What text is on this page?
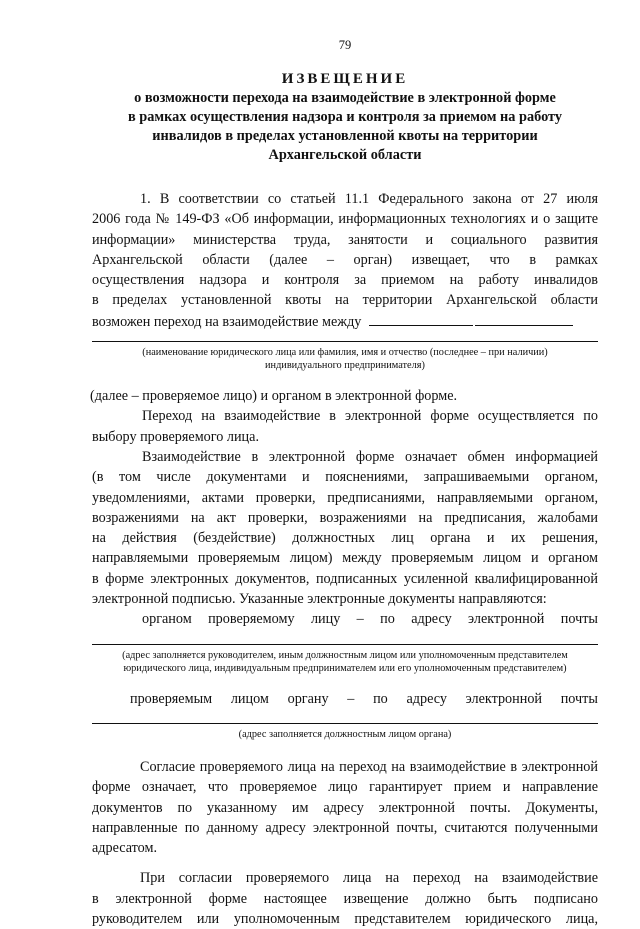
79
ИЗВЕЩЕНИЕ
о возможности перехода на взаимодействие в электронной форме
в рамках осуществления надзора и контроля за приемом на работу
инвалидов в пределах установленной квоты на территории
Архангельской области

1. В соответствии со статьей 11.1 Федерального закона от 27 июля

2006 года № 149-ФЗ «Об информации, информационных технологиях и о защите

информации» министерства труда, занятости и социального развития

Архангельской области (далее – орган) извещает, что в рамках

осуществления надзора и контроля за приемом на работу инвалидов

в пределах установленной квоты на территории Архангельской области

возможен переход на взаимодействие между

(наименование юридического лица или фамилия, имя и отчество (последнее – при наличии)
индивидуального предпринимателя)

(далее – проверяемое лицо) и органом в электронной форме.

Переход на взаимодействие в электронной форме осуществляется по

выбору проверяемого лица.

Взаимодействие в электронной форме означает обмен информацией

(в том числе документами и пояснениями, запрашиваемыми органом,

уведомлениями, актами проверки, предписаниями, направляемыми органом,

возражениями на акт проверки, возражениями на предписания, жалобами

на действия (бездействие) должностных лиц органа и их решения,

направляемыми проверяемым лицом) между проверяемым лицом и органом

в форме электронных документов, подписанных усиленной квалифицированной

электронной подписью. Указанные электронные документы направляются:

органом проверяемому лицу – по адресу электронной почты
(адрес заполняется руководителем, иным должностным лицом или уполномоченным представителем
юридического лица, индивидуальным предпринимателем или его уполномоченным представителем)
проверяемым лицом органу – по адресу электронной почты
(адрес заполняется должностным лицом органа)

Согласие проверяемого лица на переход на взаимодействие в электронной

форме означает, что проверяемое лицо гарантирует прием и направление

документов по указанному им адресу электронной почты. Документы,

направленные по данному адресу электронной почты, считаются полученными

адресатом.

При согласии проверяемого лица на переход на взаимодействие

в электронной форме настоящее извещение должно быть подписано

руководителем или уполномоченным представителем юридического лица,
